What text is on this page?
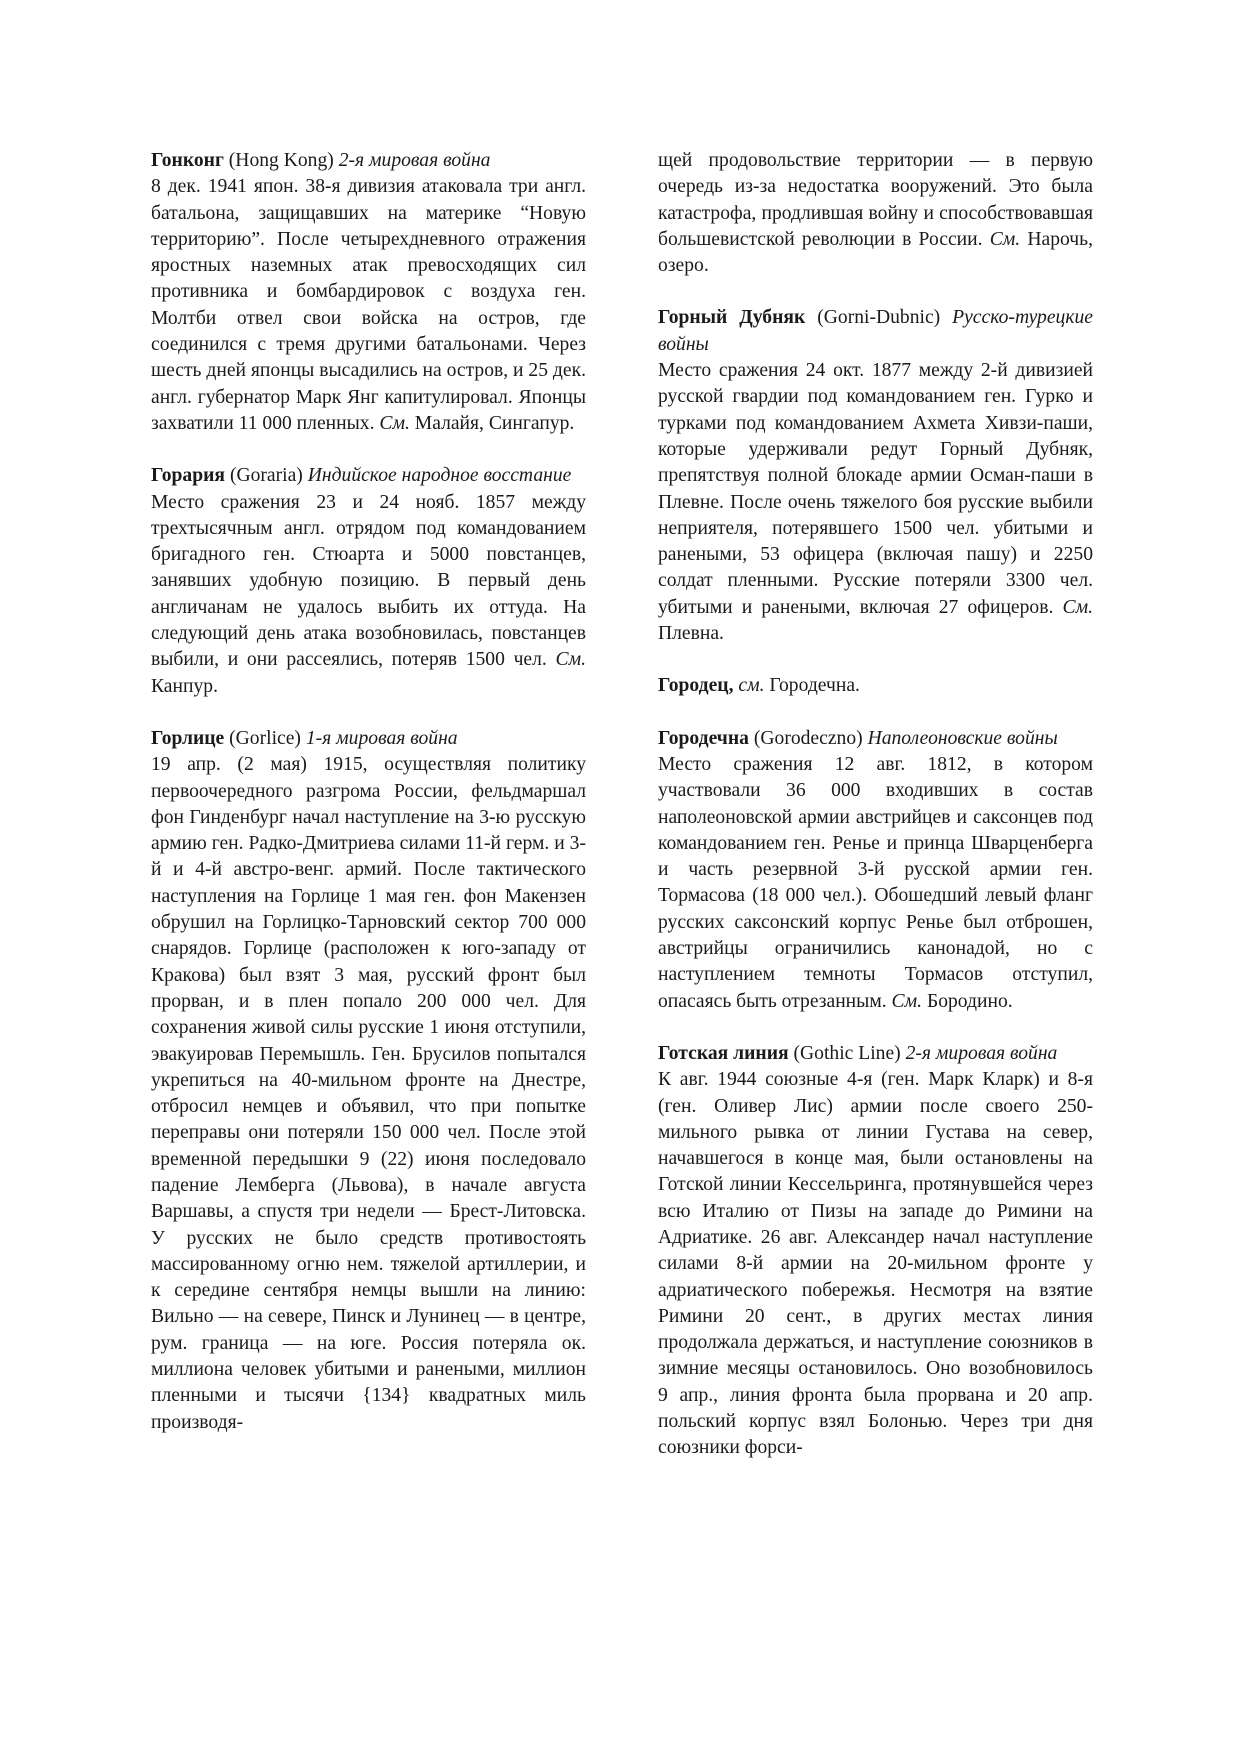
Гонконг (Hong Kong) 2-я мировая война

8 дек. 1941 япон. 38-я дивизия атаковала три англ. батальона, защищавших на материке “Новую территорию”. После четырехдневного отражения яростных наземных атак превосходящих сил противника и бомбардировок с воздуха ген. Молтби отвел свои войска на остров, где соединился с тремя другими батальонами. Через шесть дней японцы высадились на остров, и 25 дек. англ. губернатор Марк Янг капитулировал. Японцы захватили 11 000 пленных. См. Малайя, Сингапур.

Горария (Goraria) Индийское народное восстание

Место сражения 23 и 24 нояб. 1857 между трехтысячным англ. отрядом под командованием бригадного ген. Стюарта и 5000 повстанцев, занявших удобную позицию. В первый день англичанам не удалось выбить их оттуда. На следующий день атака возобновилась, повстанцев выбили, и они рассеялись, потеряв 1500 чел. См. Канпур.

Горлице (Gorlice) 1-я мировая война

19 апр. (2 мая) 1915, осуществляя политику первоочередного разгрома России, фельдмаршал фон Гинденбург начал наступление на 3-ю русскую армию ген. Радко-Дмитриева силами 11-й герм. и 3-й и 4-й австро-венг. армий. После тактического наступления на Горлице 1 мая ген. фон Макензен обрушил на Горлицко-Тарновский сектор 700 000 снарядов. Горлице (расположен к юго-западу от Кракова) был взят 3 мая, русский фронт был прорван, и в плен попало 200 000 чел. Для сохранения живой силы русские 1 июня отступили, эвакуировав Перемышль. Ген. Брусилов попытался укрепиться на 40-мильном фронте на Днестре, отбросил немцев и объявил, что при попытке переправы они потеряли 150 000 чел. После этой временной передышки 9 (22) июня последовало падение Лемберга (Львова), в начале августа Варшавы, а спустя три недели — Брест-Литовска. У русских не было средств противостоять массированному огню нем. тяжелой артиллерии, и к середине сентября немцы вышли на линию: Вильно — на севере, Пинск и Лунинец — в центре, рум. граница — на юге. Россия потеряла ок. миллиона человек убитыми и ранеными, миллион пленными и тысячи {134} квадратных миль производя-

щей продовольствие территории — в первую очередь из-за недостатка вооружений. Это была катастрофа, продлившая войну и способствовавшая большевистской революции в России. См. Нарочь, озеро.

Горный Дубняк (Gorni-Dubnic) Русско-турецкие войны

Место сражения 24 окт. 1877 между 2-й дивизией русской гвардии под командованием ген. Гурко и турками под командованием Ахмета Хивзи-паши, которые удерживали редут Горный Дубняк, препятствуя полной блокаде армии Осман-паши в Плевне. После очень тяжелого боя русские выбили неприятеля, потерявшего 1500 чел. убитыми и ранеными, 53 офицера (включая пашу) и 2250 солдат пленными. Русские потеряли 3300 чел. убитыми и ранеными, включая 27 офицеров. См. Плевна.

Городец, см. Городечна.

Городечна (Gorodeczno) Наполеоновские войны

Место сражения 12 авг. 1812, в котором участвовали 36 000 входивших в состав наполеоновской армии австрийцев и саксонцев под командованием ген. Ренье и принца Шварценберга и часть резервной 3-й русской армии ген. Тормасова (18 000 чел.). Обошедший левый фланг русских саксонский корпус Ренье был отброшен, австрийцы ограничились канонадой, но с наступлением темноты Тормасов отступил, опасаясь быть отрезанным. См. Бородино.

Готская линия (Gothic Line) 2-я мировая война

К авг. 1944 союзные 4-я (ген. Марк Кларк) и 8-я (ген. Оливер Лис) армии после своего 250-мильного рывка от линии Густава на север, начавшегося в конце мая, были остановлены на Готской линии Кессельринга, протянувшейся через всю Италию от Пизы на западе до Римини на Адриатике. 26 авг. Александер начал наступление силами 8-й армии на 20-мильном фронте у адриатического побережья. Несмотря на взятие Римини 20 сент., в других местах линия продолжала держаться, и наступление союзников в зимние месяцы остановилось. Оно возобновилось 9 апр., линия фронта была прорвана и 20 апр. польский корпус взял Болонью. Через три дня союзники форси-
